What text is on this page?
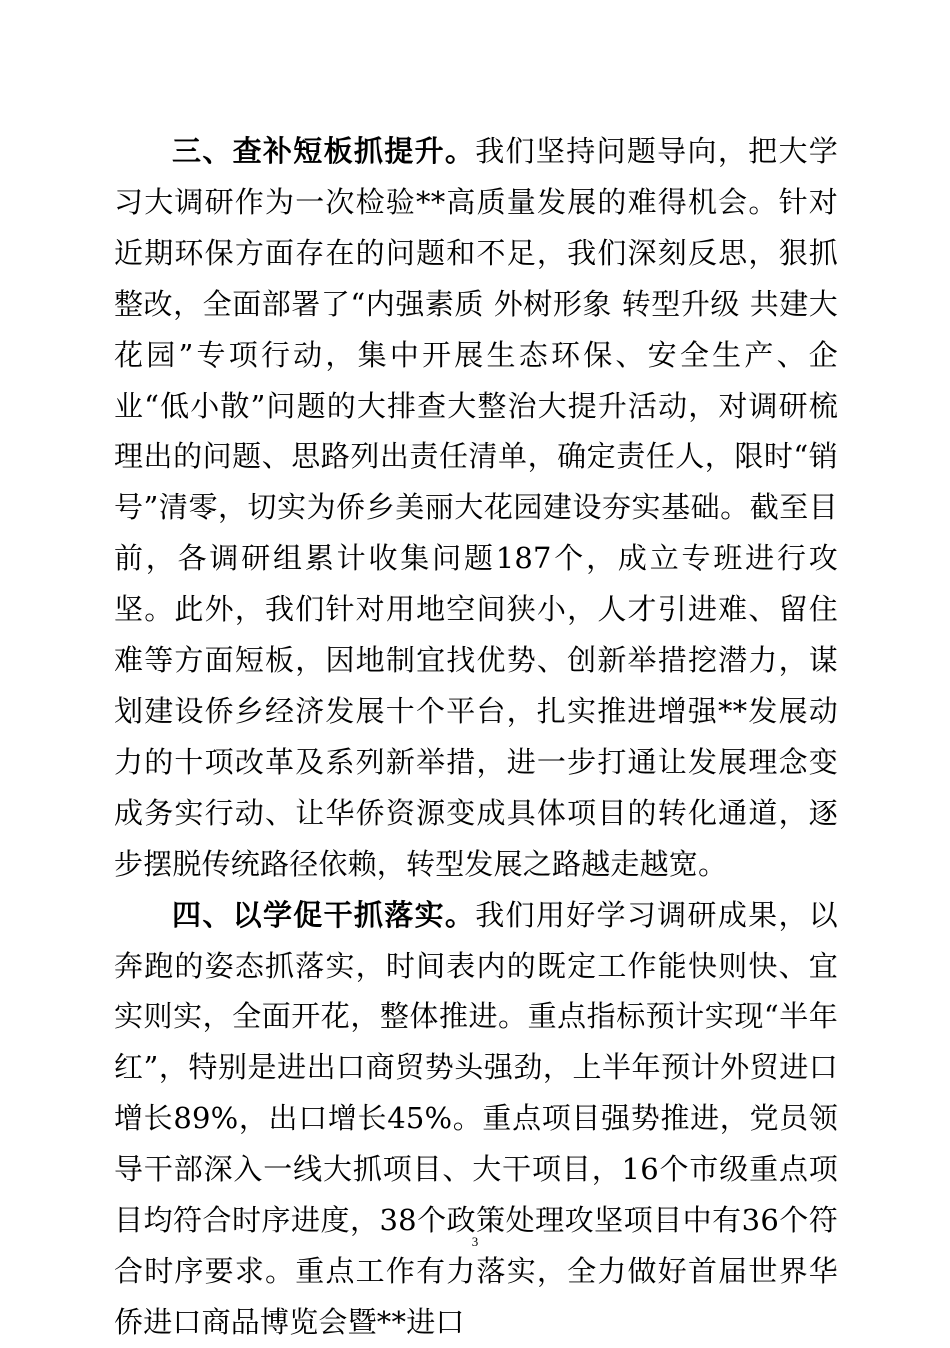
三、查补短板抓提升。我们坚持问题导向，把大学习大调研作为一次检验**高质量发展的难得机会。针对近期环保方面存在的问题和不足，我们深刻反思，狠抓整改，全面部署了“内强素质 外树形象 转型升级 共建大花园”专项行动，集中开展生态环保、安全生产、企业“低小散”问题的大排查大整治大提升活动，对调研梳理出的问题、思路列出责任清单，确定责任人，限时“销号”清零，切实为侨乡美丽大花园建设夯实基础。截至目前，各调研组累计收集问题187个，成立专班进行攻坚。此外，我们针对用地空间狭小，人才引进难、留住难等方面短板，因地制宜找优势、创新举措挖潜力，谋划建设侨乡经济发展十个平台，扎实推进增强**发展动力的十项改革及系列新举措，进一步打通让发展理念变成务实行动、让华侨资源变成具体项目的转化通道，逐步摆脱传统路径依赖，转型发展之路越走越宽。

四、以学促干抓落实。我们用好学习调研成果，以奔跑的姿态抓落实，时间表内的既定工作能快则快、宜实则实，全面开花，整体推进。重点指标预计实现“半年红”，特别是进出口商贸势头强劲，上半年预计外贸进口增长89%，出口增长45%。重点项目强势推进，党员领导干部深入一线大抓项目、大干项目，16个市级重点项目均符合时序进度，38个政策处理攻坚项目中有36个符合时序要求。重点工作有力落实，全力做好首届世界华侨进口商品博览会暨**进口

3
